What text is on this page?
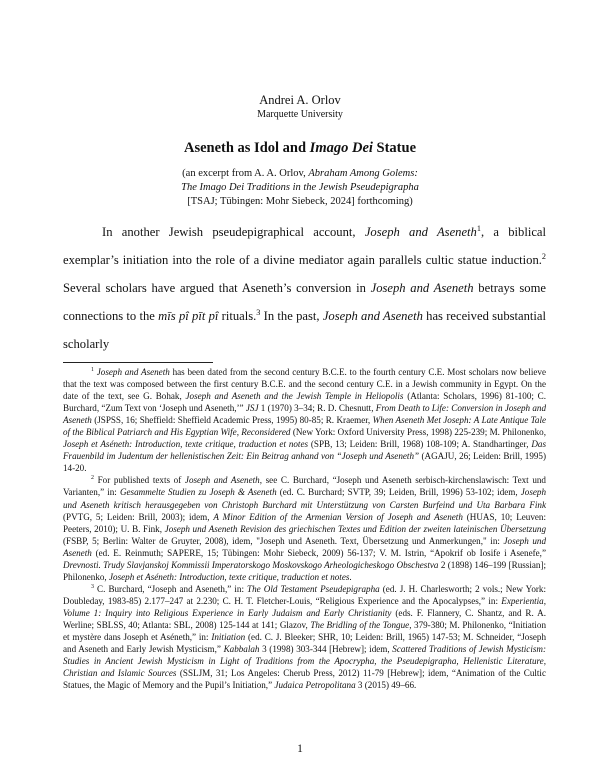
Andrei A. Orlov
Marquette University
Aseneth as Idol and Imago Dei Statue
(an excerpt from A. A. Orlov, Abraham Among Golems:
The Imago Dei Traditions in the Jewish Pseudepigrapha
[TSAJ; Tübingen: Mohr Siebeck, 2024] forthcoming)

In another Jewish pseudepigraphical account, Joseph and Aseneth$^1$, a biblical exemplar’s initiation into the role of a divine mediator again parallels cultic statue induction.$^2$ Several scholars have argued that Aseneth’s conversion in Joseph and Aseneth betrays some connections to the mīs pî pīt pî rituals.$^3$ In the past, Joseph and Aseneth has received substantial scholarly

$^1$ Joseph and Aseneth has been dated from the second century B.C.E. to the fourth century C.E. Most scholars now believe that the text was composed between the first century B.C.E. and the second century C.E. in a Jewish community in Egypt. On the date of the text, see G. Bohak, Joseph and Aseneth and the Jewish Temple in Heliopolis (Atlanta: Scholars, 1996) 81-100; C. Burchard, “Zum Text von ‘Joseph und Aseneth,’” JSJ 1 (1970) 3–34; R. D. Chesnutt, From Death to Life: Conversion in Joseph and Aseneth (JSPSS, 16; Sheffield: Sheffield Academic Press, 1995) 80-85; R. Kraemer, When Aseneth Met Joseph: A Late Antique Tale of the Biblical Patriarch and His Egyptian Wife, Reconsidered (New York: Oxford University Press, 1998) 225-239; M. Philonenko, Joseph et Aséneth: Introduction, texte critique, traduction et notes (SPB, 13; Leiden: Brill, 1968) 108-109; A. Standhartinger, Das Frauenbild im Judentum der hellenistischen Zeit: Ein Beitrag anhand von “Joseph und Aseneth” (AGAJU, 26; Leiden: Brill, 1995) 14-20.

$^2$ For published texts of Joseph and Aseneth, see C. Burchard, “Joseph und Aseneth serbisch-kirchenslawisch: Text und Varianten,” in: Gesammelte Studien zu Joseph & Aseneth (ed. C. Burchard; SVTP, 39; Leiden, Brill, 1996) 53-102; idem, Joseph und Aseneth kritisch herausgegeben von Christoph Burchard mit Unterstützung von Carsten Burfeind und Uta Barbara Fink (PVTG, 5; Leiden: Brill, 2003); idem, A Minor Edition of the Armenian Version of Joseph and Aseneth (HUAS, 10; Leuven: Peeters, 2010); U. B. Fink, Joseph und Aseneth Revision des griechischen Textes und Edition der zweiten lateinischen Übersetzung (FSBP, 5; Berlin: Walter de Gruyter, 2008), idem, "Joseph und Aseneth. Text, Übersetzung und Anmerkungen," in: Joseph und Aseneth (ed. E. Reinmuth; SAPERE, 15; Tübingen: Mohr Siebeck, 2009) 56-137; V. M. Istrin, “Apokrif ob Iosife i Asenefe,” Drevnosti. Trudy Slavjanskoj Kommissii Imperatorskogo Moskovskogo Arheologicheskogo Obschestva 2 (1898) 146–199 [Russian]; Philonenko, Joseph et Aséneth: Introduction, texte critique, traduction et notes.

$^3$ C. Burchard, “Joseph and Aseneth,” in: The Old Testament Pseudepigrapha (ed. J. H. Charlesworth; 2 vols.; New York: Doubleday, 1983-85) 2.177–247 at 2.230; C. H. T. Fletcher-Louis, “Religious Experience and the Apocalypses,” in: Experientia, Volume 1: Inquiry into Religious Experience in Early Judaism and Early Christianity (eds. F. Flannery, C. Shantz, and R. A. Werline; SBLSS, 40; Atlanta: SBL, 2008) 125-144 at 141; Glazov, The Bridling of the Tongue, 379-380; M. Philonenko, “Initiation et mystère dans Joseph et Aséneth,” in: Initiation (ed. C. J. Bleeker; SHR, 10; Leiden: Brill, 1965) 147-53; M. Schneider, “Joseph and Aseneth and Early Jewish Mysticism,” Kabbalah 3 (1998) 303-344 [Hebrew]; idem, Scattered Traditions of Jewish Mysticism: Studies in Ancient Jewish Mysticism in Light of Traditions from the Apocrypha, the Pseudepigrapha, Hellenistic Literature, Christian and Islamic Sources (SSLJM, 31; Los Angeles: Cherub Press, 2012) 11-79 [Hebrew]; idem, “Animation of the Cultic Statues, the Magic of Memory and the Pupil’s Initiation,” Judaica Petropolitana 3 (2015) 49–66.

1
